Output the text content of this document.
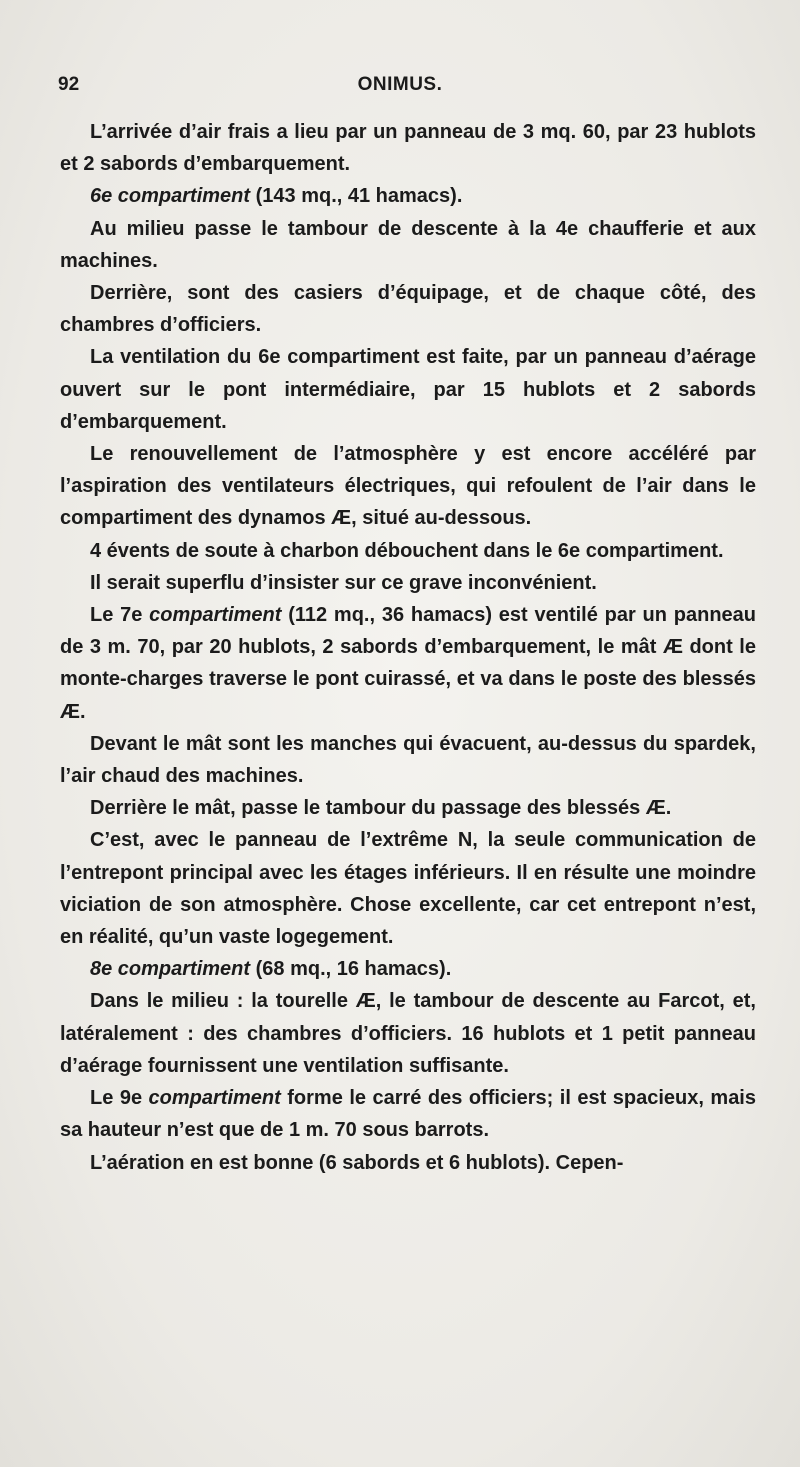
92	ONIMUS.

L’arrivée d’air frais a lieu par un panneau de 3 mq. 60, par 23 hublots et 2 sabords d’embarquement.

6e compartiment (143 mq., 41 hamacs).

Au milieu passe le tambour de descente à la 4e chaufferie et aux machines.

Derrière, sont des casiers d’équipage, et de chaque côté, des chambres d’officiers.

La ventilation du 6e compartiment est faite, par un panneau d’aérage ouvert sur le pont intermédiaire, par 15 hublots et 2 sabords d’embarquement.

Le renouvellement de l’atmosphère y est encore accéléré par l’aspiration des ventilateurs électriques, qui refoulent de l’air dans le compartiment des dynamos Æ, situé au-dessous.

4 évents de soute à charbon débouchent dans le 6e compartiment.

Il serait superflu d’insister sur ce grave inconvénient.

Le 7e compartiment (112 mq., 36 hamacs) est ventilé par un panneau de 3 m. 70, par 20 hublots, 2 sabords d’embarquement, le mât Æ dont le monte-charges traverse le pont cuirassé, et va dans le poste des blessés Æ.

Devant le mât sont les manches qui évacuent, au-dessus du spardek, l’air chaud des machines.

Derrière le mât, passe le tambour du passage des blessés Æ.

C’est, avec le panneau de l’extrême N, la seule communication de l’entrepont principal avec les étages inférieurs. Il en résulte une moindre viciation de son atmosphère. Chose excellente, car cet entrepont n’est, en réalité, qu’un vaste logegement.

8e compartiment (68 mq., 16 hamacs).

Dans le milieu : la tourelle Æ, le tambour de descente au Farcot, et, latéralement : des chambres d’officiers. 16 hublots et 1 petit panneau d’aérage fournissent une ventilation suffisante.

Le 9e compartiment forme le carré des officiers; il est spacieux, mais sa hauteur n’est que de 1 m. 70 sous barrots.

L’aération en est bonne (6 sabords et 6 hublots). Cepen-
